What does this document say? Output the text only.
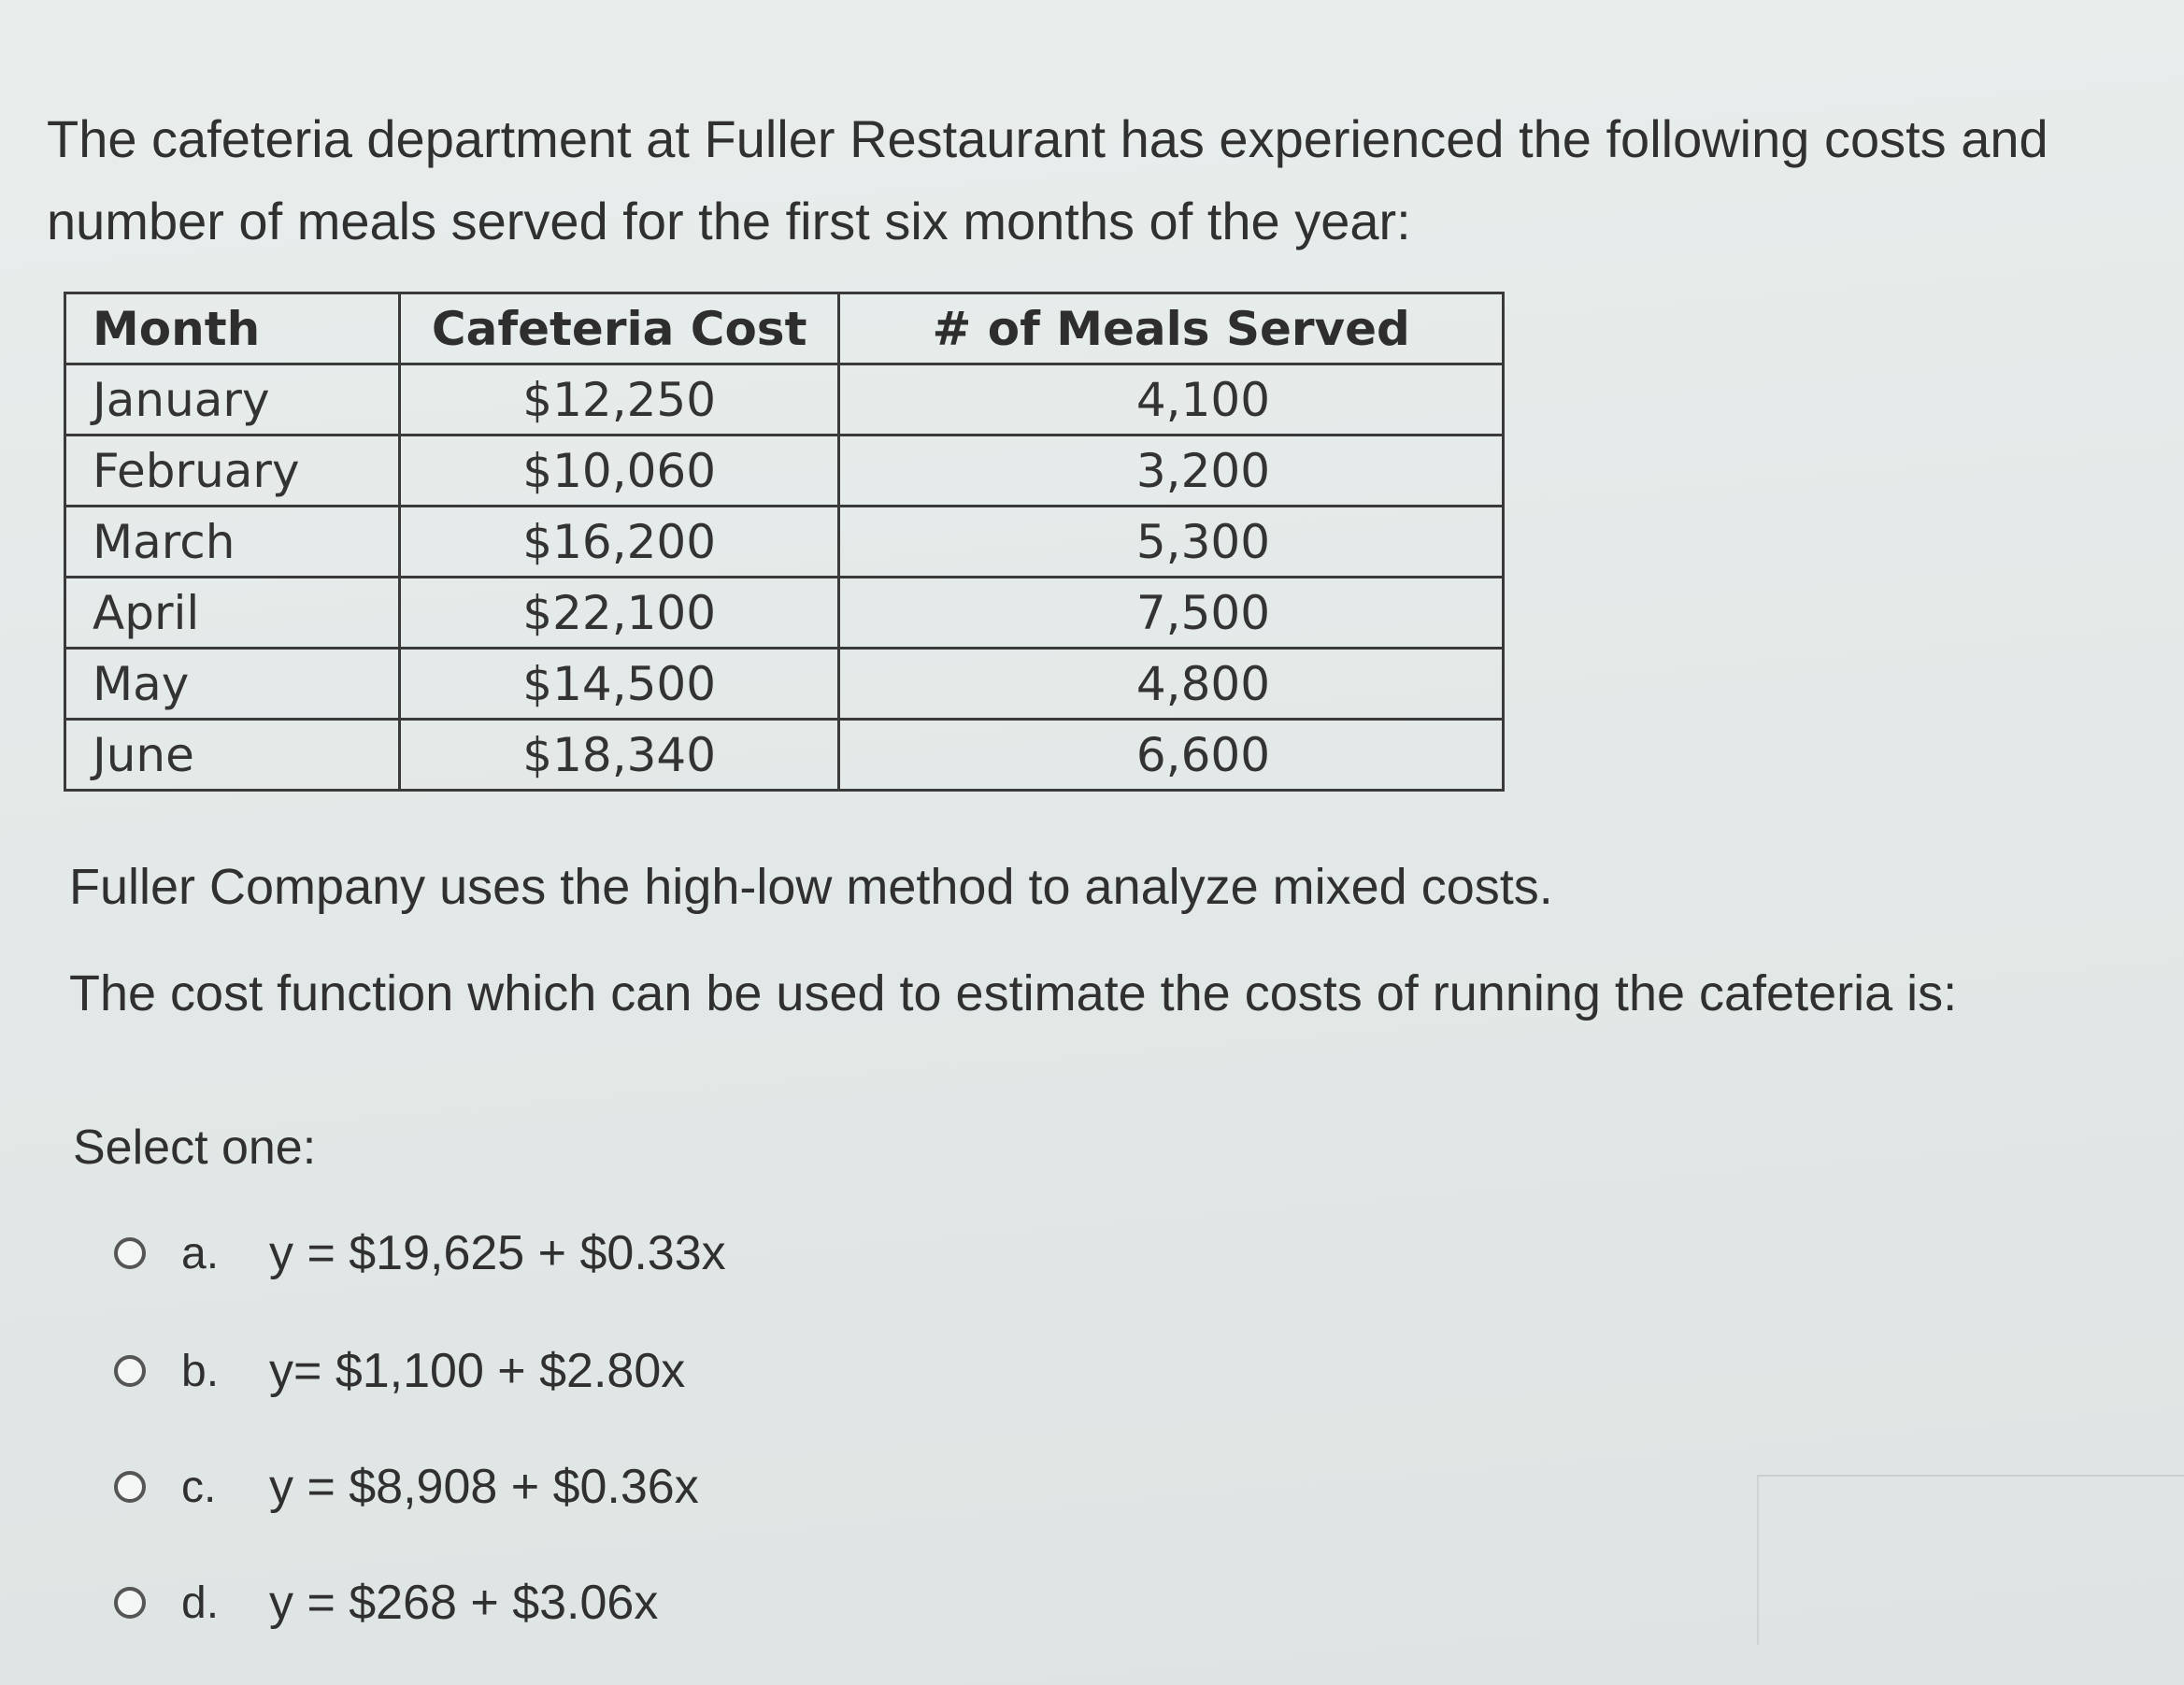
The cafeteria department at Fuller Restaurant has experienced the following costs and
number of meals served for the first six months of the year:
Month	Cafeteria Cost	# of Meals Served
January	$12,250	4,100
February	$10,060	3,200
March	$16,200	5,300
April	$22,100	7,500
May	$14,500	4,800
June	$18,340	6,600
Fuller Company uses the high-low method to analyze mixed costs.
The cost function which can be used to estimate the costs of running the cafeteria is:
Select one:
a.	y = $19,625 + $0.33x
b.	y= $1,100 + $2.80x
c.	y = $8,908 + $0.36x
d.	y = $268 + $3.06x
